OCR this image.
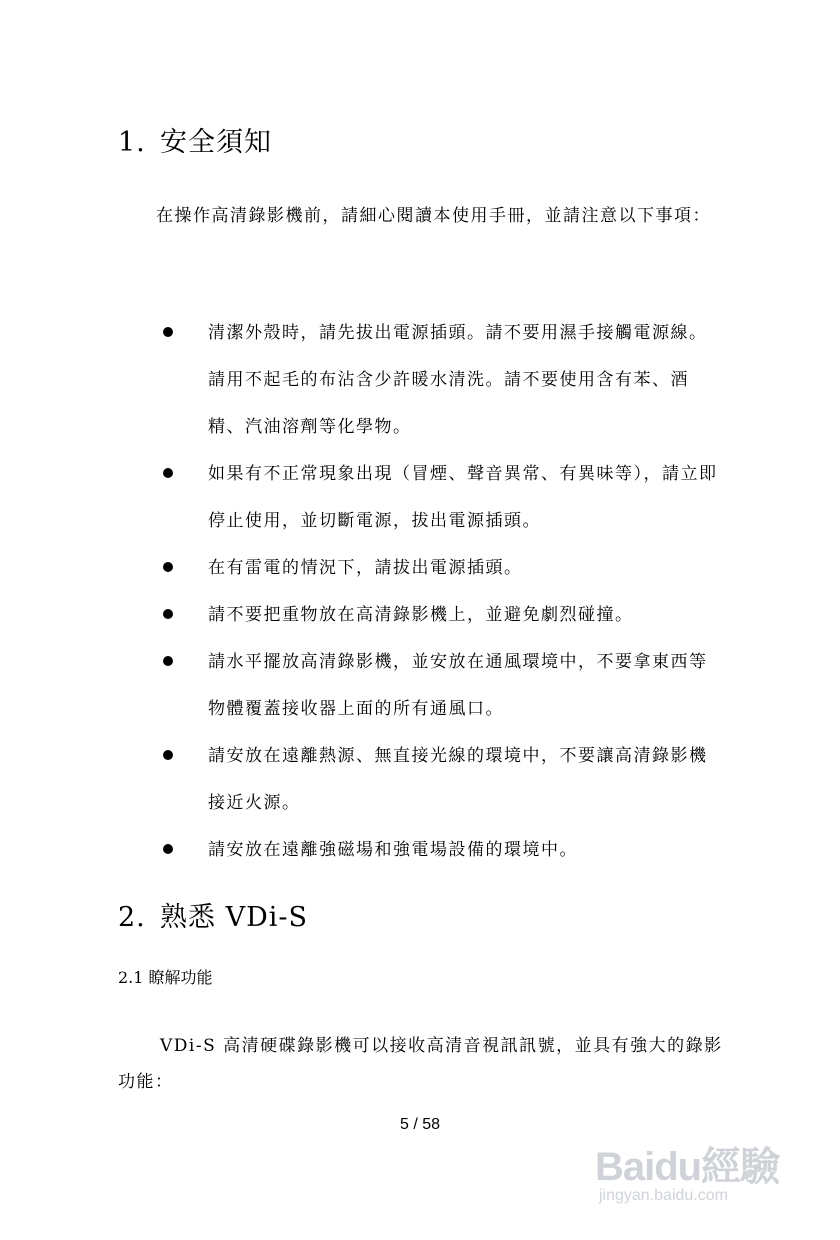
1. 安全須知

在操作高清錄影機前，請細心閱讀本使用手冊，並請注意以下事項：

清潔外殼時，請先拔出電源插頭。請不要用濕手接觸電源線。請用不起毛的布沾含少許暖水清洗。請不要使用含有苯、酒精、汽油溶劑等化學物。
如果有不正常現象出現（冒煙、聲音異常、有異味等），請立即停止使用，並切斷電源，拔出電源插頭。
在有雷電的情況下，請拔出電源插頭。
請不要把重物放在高清錄影機上，並避免劇烈碰撞。
請水平擺放高清錄影機，並安放在通風環境中，不要拿東西等物體覆蓋接收器上面的所有通風口。
請安放在遠離熱源、無直接光線的環境中，不要讓高清錄影機接近火源。
請安放在遠離強磁場和強電場設備的環境中。
2. 熟悉 VDi-S
2.1 瞭解功能

VDi-S 高清硬碟錄影機可以接收高清音視訊訊號，並具有強大的錄影功能：

5 / 58
Baidu經驗
jingyan.baidu.com
